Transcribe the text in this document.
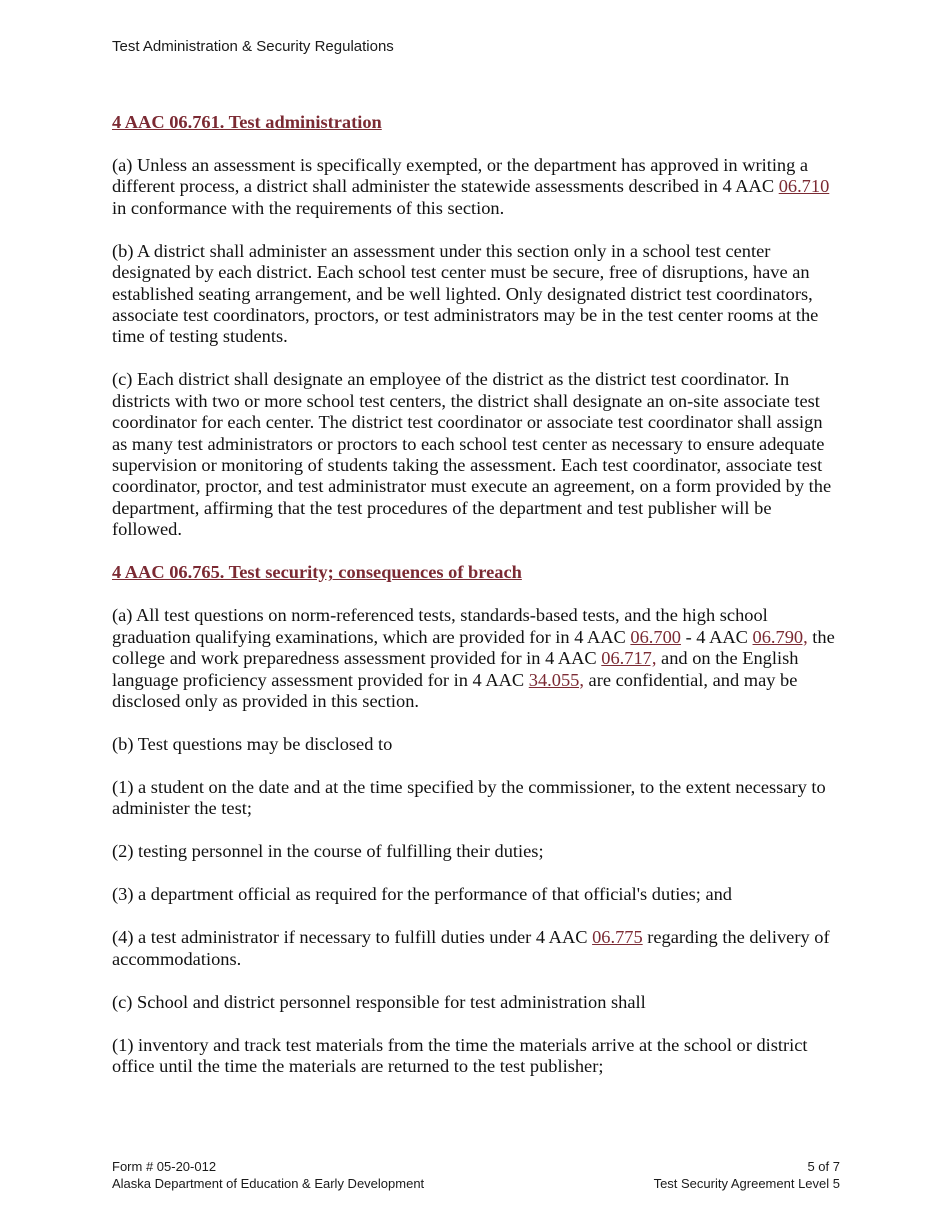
Test Administration & Security Regulations
4 AAC 06.761. Test administration

(a) Unless an assessment is specifically exempted, or the department has approved in writing a different process, a district shall administer the statewide assessments described in 4 AAC 06.710 in conformance with the requirements of this section.

(b) A district shall administer an assessment under this section only in a school test center designated by each district. Each school test center must be secure, free of disruptions, have an established seating arrangement, and be well lighted. Only designated district test coordinators, associate test coordinators, proctors, or test administrators may be in the test center rooms at the time of testing students.

(c) Each district shall designate an employee of the district as the district test coordinator. In districts with two or more school test centers, the district shall designate an on-site associate test coordinator for each center. The district test coordinator or associate test coordinator shall assign as many test administrators or proctors to each school test center as necessary to ensure adequate supervision or monitoring of students taking the assessment. Each test coordinator, associate test coordinator, proctor, and test administrator must execute an agreement, on a form provided by the department, affirming that the test procedures of the department and test publisher will be followed.

4 AAC 06.765. Test security; consequences of breach

(a) All test questions on norm-referenced tests, standards-based tests, and the high school graduation qualifying examinations, which are provided for in 4 AAC 06.700 - 4 AAC 06.790, the college and work preparedness assessment provided for in 4 AAC 06.717, and on the English language proficiency assessment provided for in 4 AAC 34.055, are confidential, and may be disclosed only as provided in this section.

(b) Test questions may be disclosed to

(1) a student on the date and at the time specified by the commissioner, to the extent necessary to administer the test;

(2) testing personnel in the course of fulfilling their duties;

(3) a department official as required for the performance of that official's duties; and

(4) a test administrator if necessary to fulfill duties under 4 AAC 06.775 regarding the delivery of accommodations.

(c) School and district personnel responsible for test administration shall

(1) inventory and track test materials from the time the materials arrive at the school or district office until the time the materials are returned to the test publisher;

Form # 05-20-012	5 of 7
Alaska Department of Education & Early Development	Test Security Agreement Level 5
